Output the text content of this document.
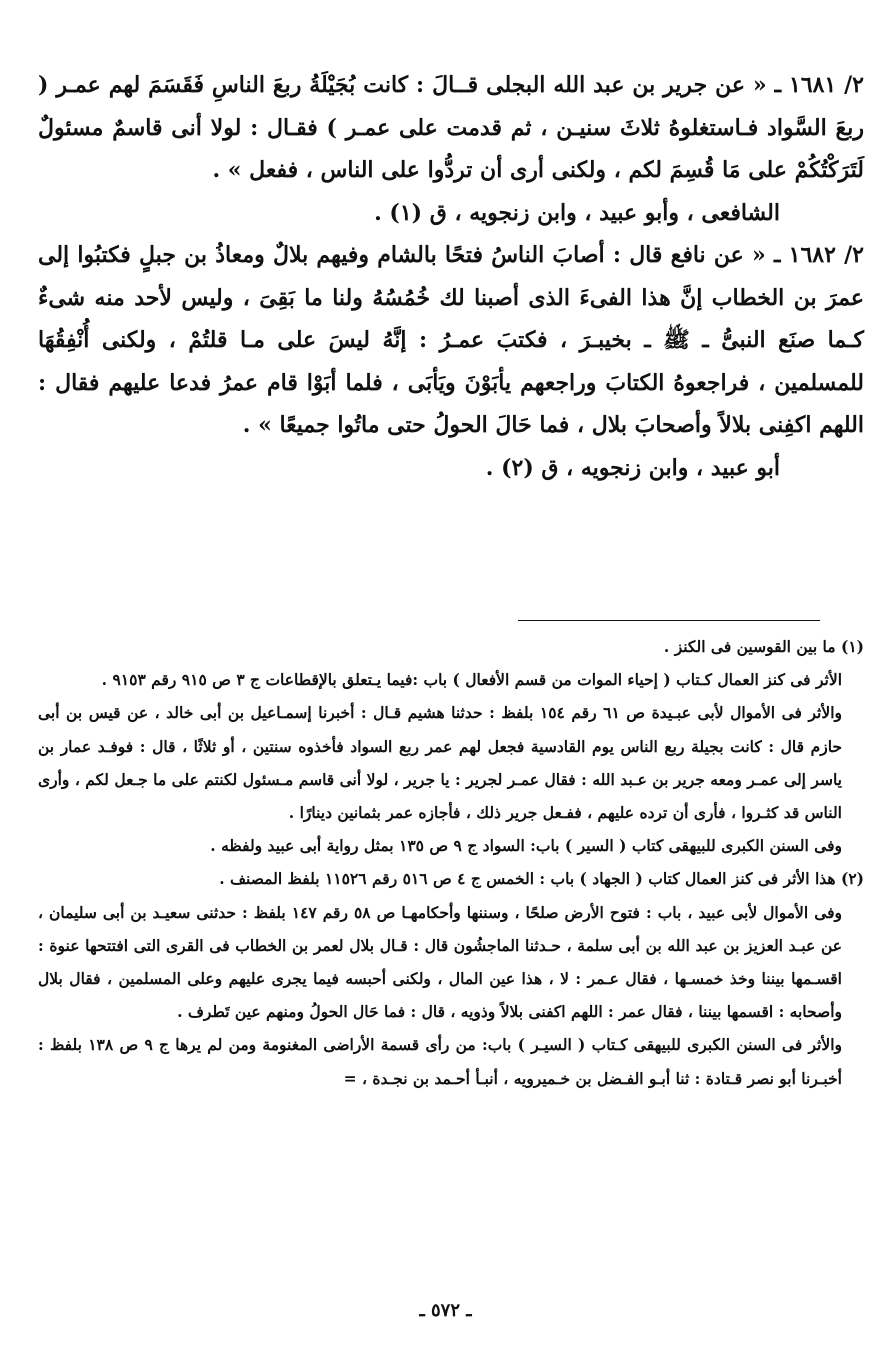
٢/ ١٦٨١ ـ « عن جرير بن عبد الله البجلى قــالَ : كانت بُجَيْلَةُ ربعَ الناسِ فَقَسَمَ لهم عمـر ( ربعَ السَّواد فـاستغلوهُ ثلاثَ سنيـن ، ثم قدمت على عمـر ) فقـال : لولا أنى قاسمٌ مسئولٌ لَتَرَكْتُكُمْ على مَا قُسِمَ لكم ، ولكنى أرى أن تردُّوا على الناس ، ففعل » .

الشافعى ، وأبو عبيد ، وابن زنجويه ، ق (١) .

٢/ ١٦٨٢ ـ « عن نافع قال : أصابَ الناسُ فتحًا بالشام وفيهم بلالٌ ومعاذُ بن جبلٍ فكتبُوا إلى عمرَ بن الخطاب إنَّ هذا الفىءَ الذى أصبنا لك خُمُسُهُ ولنا ما بَقِىَ ، وليس لأحد منه شىءٌ كـما صنَع النبىُّ ـ ﷺ ـ بخيبـرَ ، فكتبَ عمـرُ : إنَّهُ ليسَ على مـا قلتُمْ ، ولكنى أُنْفِقُهَا للمسلمين ، فراجعوهُ الكتابَ وراجعهم يأبَوْنَ ويَأبَى ، فلما أبَوْا قام عمرُ فدعا عليهم فقال : اللهم اكفِنى بلالاً وأصحابَ بلال ، فما حَالَ الحولُ حتى ماتُوا جميعًا » .

أبو عبيد ، وابن زنجويه ، ق (٢) .

(١) ما بين القوسين فى الكنز .

الأثر فى كنز العمال كـتاب ( إحياء الموات من قسم الأفعال ) باب :فيما يـتعلق بالإقطاعات ج ٣ ص ٩١٥ رقم ٩١٥٣ .

والأثر فى الأموال لأبى عبـيدة ص ٦١ رقم ١٥٤ بلفظ : حدثنا هشيم قـال : أخبرنا إسمـاعيل بن أبى خالد ، عن قيس بن أبى حازم قال : كانت بجيلة ربع الناس يوم القادسية فجعل لهم عمر ربع السواد فأخذوه سنتين ، أو ثلاثًا ، قال : فوفـد عمار بن ياسر إلى عمـر ومعه جرير بن عـبد الله : فقال عمـر لجرير : يا جرير ، لولا أنى قاسم مـسئول لكنتم على ما جـعل لكم ، وأرى الناس قد كثـروا ، فأرى أن ترده عليهم ، ففـعل جرير ذلك ، فأجازه عمر بثمانين دينارًا .

وفى السنن الكبرى للبيهقى كتاب ( السير ) باب: السواد ج ٩ ص ١٣٥ بمثل رواية أبى عبيد ولفظه .

(٢) هذا الأثر فى كنز العمال كتاب ( الجهاد ) باب : الخمس ج ٤ ص ٥١٦ رقم ١١٥٢٦ بلفظ المصنف .

وفى الأموال لأبى عبيد ، باب : فتوح الأرض صلحًا ، وسننها وأحكامهـا ص ٥٨ رقم ١٤٧ بلفظ : حدثنى سعيـد بن أبى سليمان ، عن عبـد العزيز بن عبد الله بن أبى سلمة ، حـدثنا الماجشُون قال : قـال بلال لعمر بن الخطاب فى القرى التى افتتحها عنوة : اقسـمها بيننا وخذ خمسـها ، فقال عـمر : لا ، هذا عين المال ، ولكنى أحبسه فيما يجرى عليهم وعلى المسلمين ، فقال بلال وأصحابه : اقسمها بيننا ، فقال عمر : اللهم اكفنى بلالاً وذويه ، قال : فما حَال الحولُ ومنهم عين تَطرف .

والأثر فى السنن الكبرى للبيهقى كـتاب ( السيـر ) باب: من رأى قسمة الأراضى المغنومة ومن لم يرها ج ٩ ص ١٣٨ بلفظ : أخبـرنا أبو نصر قـتادة : ثنا أبـو الفـضل بن خـميرويه ، أنبـأ أحـمد بن نجـدة ، =

ـ ٥٧٢ ـ
